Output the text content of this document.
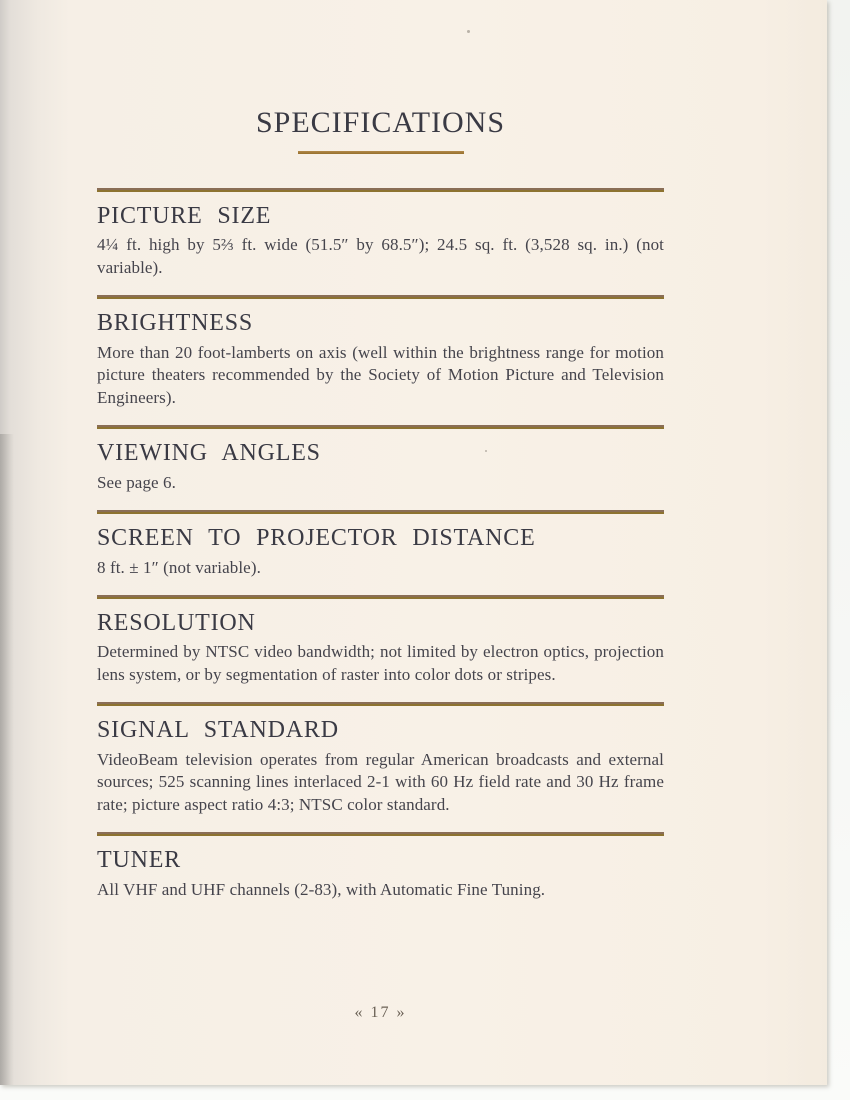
SPECIFICATIONS
PICTURE SIZE

4¼ ft. high by 5⅔ ft. wide (51.5″ by 68.5″); 24.5 sq. ft. (3,528 sq. in.) (not variable).

BRIGHTNESS

More than 20 foot-lamberts on axis (well within the brightness range for motion picture theaters recommended by the Society of Motion Picture and Television Engineers).

VIEWING ANGLES

See page 6.

SCREEN TO PROJECTOR DISTANCE

8 ft. ± 1″ (not variable).

RESOLUTION

Determined by NTSC video bandwidth; not limited by electron optics, projection lens system, or by segmentation of raster into color dots or stripes.

SIGNAL STANDARD

VideoBeam television operates from regular American broadcasts and external sources; 525 scanning lines interlaced 2-1 with 60 Hz field rate and 30 Hz frame rate; picture aspect ratio 4:3; NTSC color standard.

TUNER

All VHF and UHF channels (2-83), with Automatic Fine Tuning.

« 17 »
